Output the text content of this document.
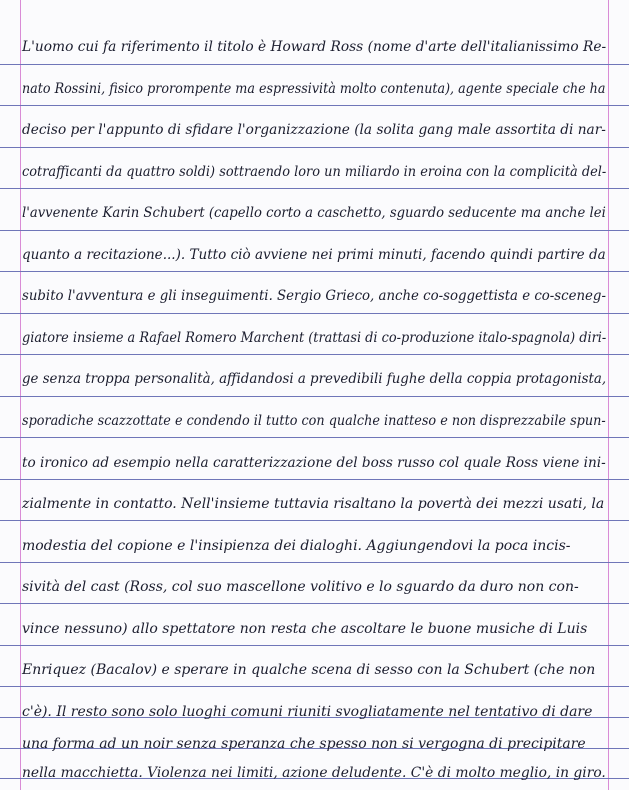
L'uomo cui fa riferimento il titolo è Howard Ross (nome d'arte dell'italianissimo Re-
nato Rossini, fisico prorompente ma espressività molto contenuta), agente speciale che ha
deciso per l'appunto di sfidare l'organizzazione (la solita gang male assortita di nar-
cotrafficanti da quattro soldi) sottraendo loro un miliardo in eroina con la complicità del-
l'avvenente Karin Schubert (capello corto a caschetto, sguardo seducente ma anche lei
quanto a recitazione...). Tutto ciò avviene nei primi minuti, facendo quindi partire da
subito l'avventura e gli inseguimenti. Sergio Grieco, anche co-soggettista e co-sceneg-
giatore insieme a Rafael Romero Marchent (trattasi di co-produzione italo-spagnola) diri-
ge senza troppa personalità, affidandosi a prevedibili fughe della coppia protagonista,
sporadiche scazzottate e condendo il tutto con qualche inatteso e non disprezzabile spun-
to ironico ad esempio nella caratterizzazione del boss russo col quale Ross viene ini-
zialmente in contatto. Nell'insieme tuttavia risaltano la povertà dei mezzi usati, la
modestia del copione e l'insipienza dei dialoghi. Aggiungendovi la poca incis-
sività del cast (Ross, col suo mascellone volitivo e lo sguardo da duro non con-
vince nessuno) allo spettatore non resta che ascoltare le buone musiche di Luis
Enriquez (Bacalov) e sperare in qualche scena di sesso con la Schubert (che non
c'è). Il resto sono solo luoghi comuni riuniti svogliatamente nel tentativo di dare
una forma ad un noir senza speranza che spesso non si vergogna di precipitare
nella macchietta. Violenza nei limiti, azione deludente. C'è di molto meglio, in giro.
